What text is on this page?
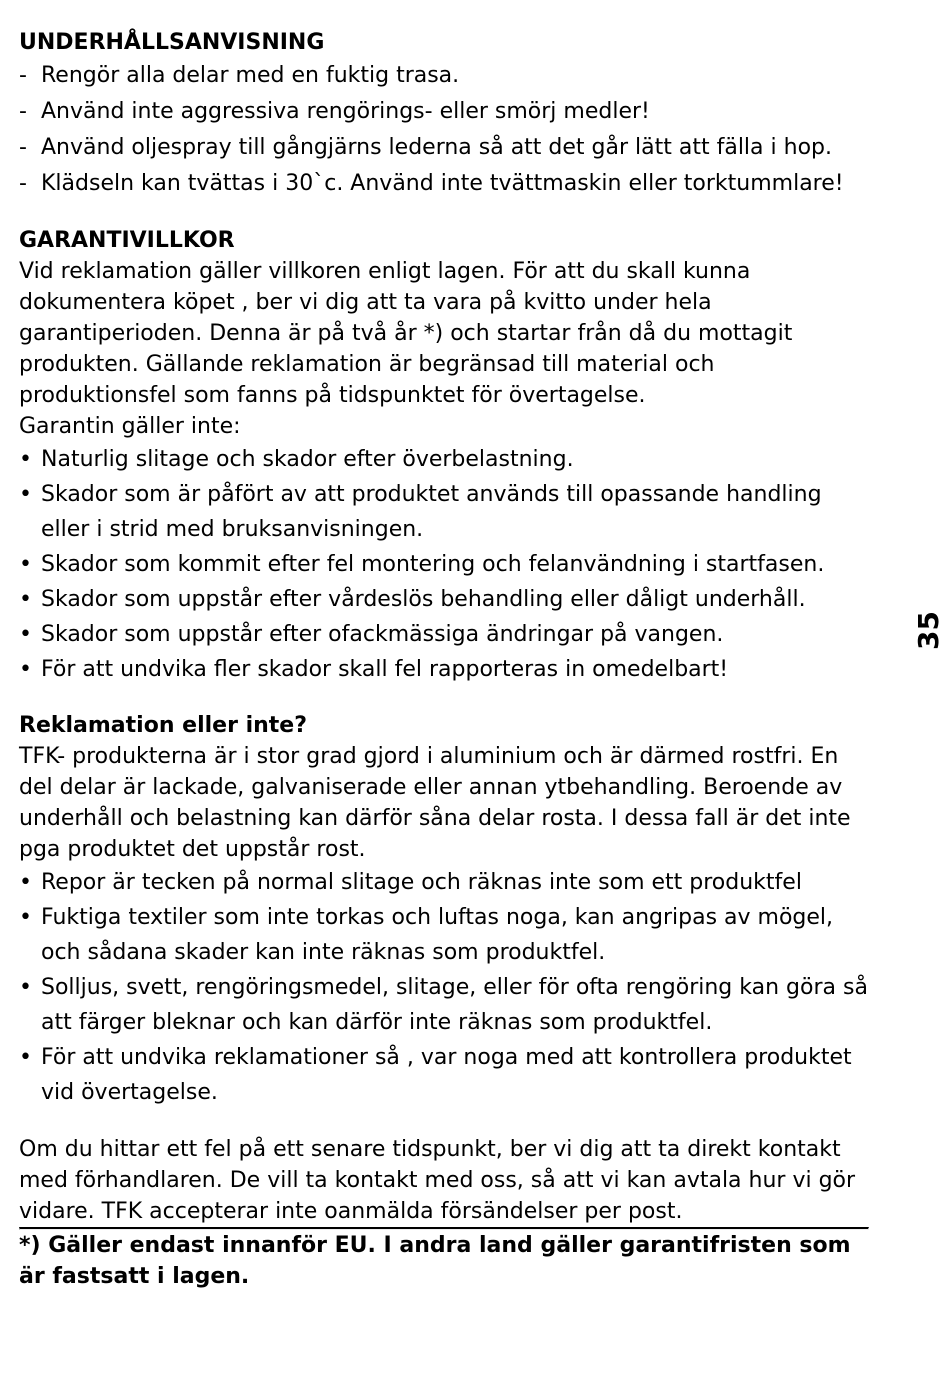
UNDERHÅLLSANVISNING
- Rengör alla delar med en fuktig trasa.
- Använd inte aggressiva rengörings- eller smörj medler!
- Använd oljespray till gångjärns lederna så att det går lätt att fälla i hop.
- Klädseln kan tvättas i 30`c. Använd inte tvättmaskin eller torktummlare!
GARANTIVILLKOR

Vid reklamation gäller villkoren enligt lagen. För att du skall kunna dokumentera köpet , ber vi dig att ta vara på kvitto under hela garantiperioden. Denna är på två år *) och startar från då du mottagit produkten. Gällande reklamation är begränsad till material och produktionsfel som fanns på tidspunktet för övertagelse.

Garantin gäller inte:

• Naturlig slitage och skador efter överbelastning.
• Skador som är påfört av att produktet används till opassande handling eller i strid med bruksanvisningen.
• Skador som kommit efter fel montering och felanvändning i startfasen.
• Skador som uppstår efter vårdeslös behandling eller dåligt underhåll.
• Skador som uppstår efter ofackmässiga ändringar på vangen.
• För att undvika fler skador skall fel rapporteras in omedelbart!
Reklamation eller inte?

TFK- produkterna är i stor grad gjord i aluminium och är därmed rostfri. En del delar är lackade, galvaniserade eller annan ytbehandling. Beroende av underhåll och belastning kan därför såna delar rosta. I dessa fall är det inte pga produktet det uppstår rost.

• Repor är tecken på normal slitage och räknas inte som ett produktfel
• Fuktiga textiler som inte torkas och luftas noga, kan angripas av mögel, och sådana skader kan inte räknas som produktfel.
• Solljus, svett, rengöringsmedel, slitage, eller för ofta rengöring kan göra så att färger bleknar och kan därför inte räknas som produktfel.
• För att undvika reklamationer så , var noga med att kontrollera produktet vid övertagelse.

Om du hittar ett fel på ett senare tidspunkt, ber vi dig att ta direkt kontakt med förhandlaren. De vill ta kontakt med oss, så att vi kan avtala hur vi gör vidare. TFK accepterar inte oanmälda försändelser per post.

*) Gäller endast innanför EU. I andra land gäller garantifristen som är fastsatt i lagen.

35
